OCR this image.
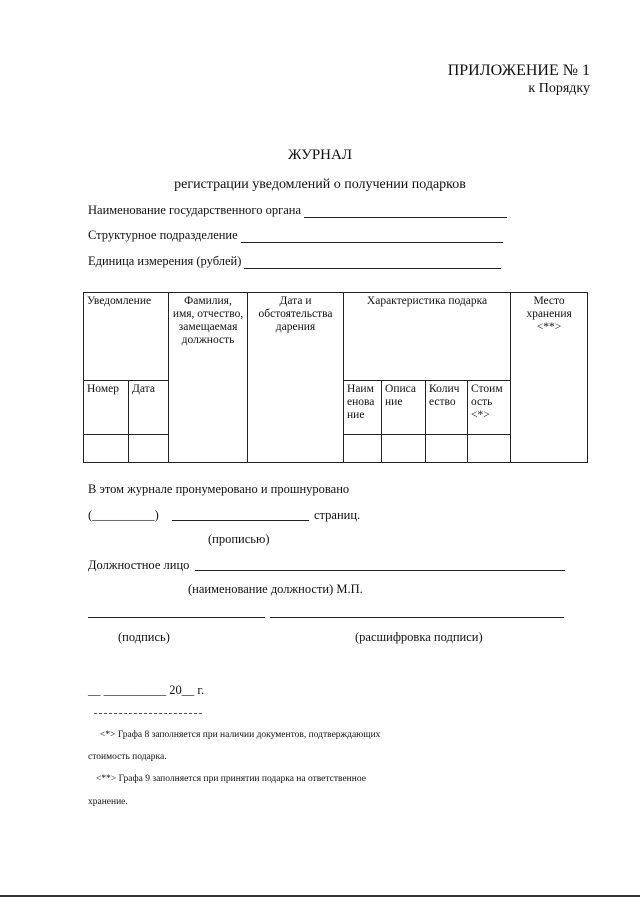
ПРИЛОЖЕНИЕ № 1
к Порядку
ЖУРНАЛ
регистрации уведомлений о получении подарков
Наименование государственного органа
Структурное подразделение
Единица измерения (рублей)
Уведомление		Фамилия, имя, отчество, замещаемая должность	Дата и обстоятельства дарения	Характеристика подарка				Место хранения <**>
Номер	Дата			Наим енова ние	Описа ние	Колич ество	Стоим ость <*>	

В этом журнале пронумеровано и прошнуровано
(__________)	страниц.
(прописью)
Должностное лицо
(наименование должности) М.П.
(подпись)	(расшифровка подписи)
__ __________ 20__ г.
<*> Графа 8 заполняется при наличии документов, подтверждающих
стоимость подарка.
<**> Графа 9 заполняется при принятии подарка на ответственное
хранение.
